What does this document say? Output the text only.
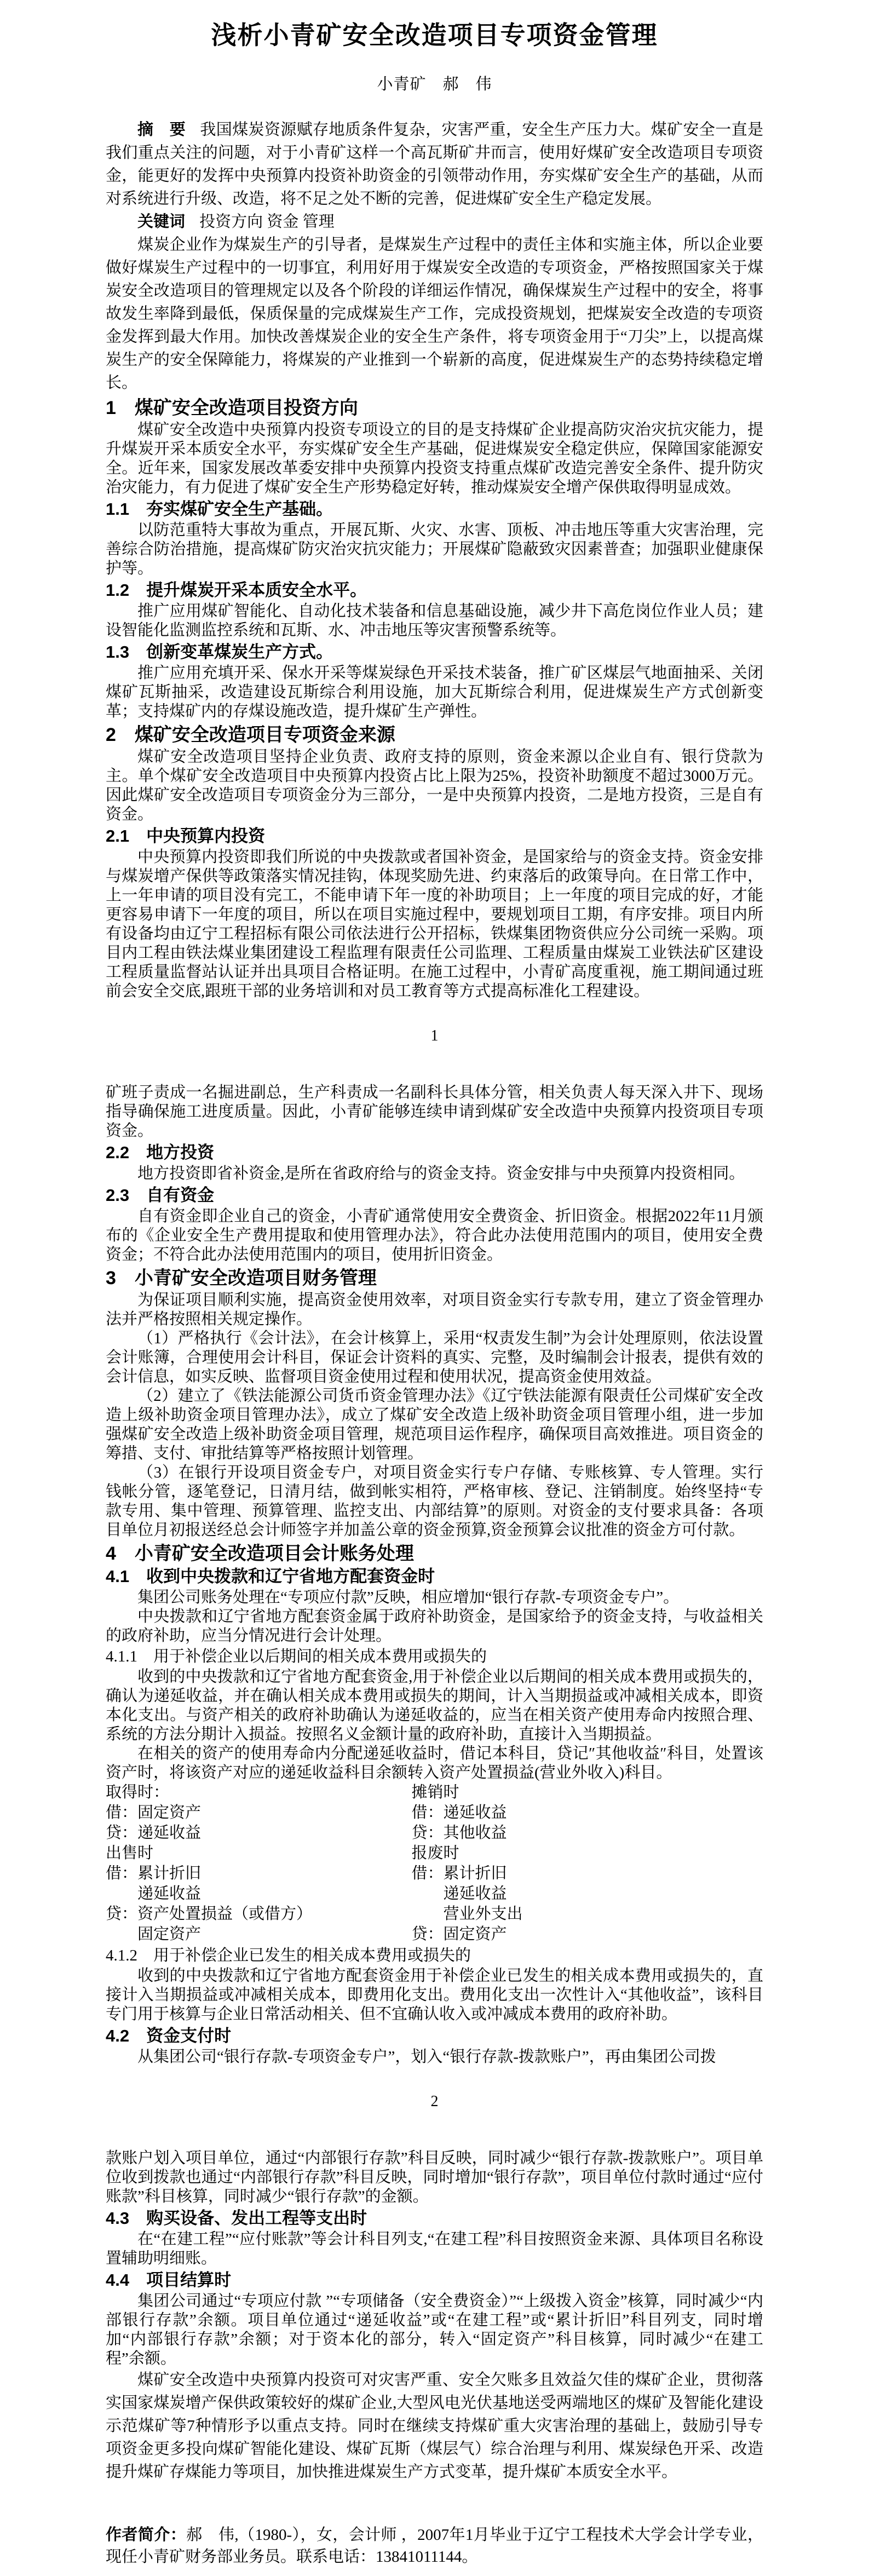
浅析小青矿安全改造项目专项资金管理
小青矿　郝　伟

摘　要 我国煤炭资源赋存地质条件复杂，灾害严重，安全生产压力大。煤矿安全一直是我们重点关注的问题，对于小青矿这样一个高瓦斯矿井而言，使用好煤矿安全改造项目专项资金，能更好的发挥中央预算内投资补助资金的引领带动作用，夯实煤矿安全生产的基础，从而对系统进行升级、改造，将不足之处不断的完善，促进煤矿安全生产稳定发展。

关键词 投资方向 资金 管理

煤炭企业作为煤炭生产的引导者，是煤炭生产过程中的责任主体和实施主体，所以企业要做好煤炭生产过程中的一切事宜，利用好用于煤炭安全改造的专项资金，严格按照国家关于煤炭安全改造项目的管理规定以及各个阶段的详细运作情况，确保煤炭生产过程中的安全，将事故发生率降到最低，保质保量的完成煤炭生产工作，完成投资规划，把煤炭安全改造的专项资金发挥到最大作用。加快改善煤炭企业的安全生产条件，将专项资金用于“刀尖”上，以提高煤炭生产的安全保障能力，将煤炭的产业推到一个崭新的高度，促进煤炭生产的态势持续稳定增长。

1　煤矿安全改造项目投资方向

煤矿安全改造中央预算内投资专项设立的目的是支持煤矿企业提高防灾治灾抗灾能力，提升煤炭开采本质安全水平，夯实煤矿安全生产基础，促进煤炭安全稳定供应，保障国家能源安全。近年来，国家发展改革委安排中央预算内投资支持重点煤矿改造完善安全条件、提升防灾治灾能力，有力促进了煤矿安全生产形势稳定好转，推动煤炭安全增产保供取得明显成效。

1.1　夯实煤矿安全生产基础。

以防范重特大事故为重点，开展瓦斯、火灾、水害、顶板、冲击地压等重大灾害治理，完善综合防治措施，提高煤矿防灾治灾抗灾能力；开展煤矿隐蔽致灾因素普查；加强职业健康保护等。

1.2　提升煤炭开采本质安全水平。

推广应用煤矿智能化、自动化技术装备和信息基础设施，减少井下高危岗位作业人员；建设智能化监测监控系统和瓦斯、水、冲击地压等灾害预警系统等。

1.3　创新变革煤炭生产方式。

推广应用充填开采、保水开采等煤炭绿色开采技术装备，推广矿区煤层气地面抽采、关闭煤矿瓦斯抽采，改造建设瓦斯综合利用设施，加大瓦斯综合利用，促进煤炭生产方式创新变革；支持煤矿内的存煤设施改造，提升煤矿生产弹性。

2　煤矿安全改造项目专项资金来源

煤矿安全改造项目坚持企业负责、政府支持的原则，资金来源以企业自有、银行贷款为主。单个煤矿安全改造项目中央预算内投资占比上限为25%，投资补助额度不超过3000万元。因此煤矿安全改造项目专项资金分为三部分，一是中央预算内投资，二是地方投资，三是自有资金。

2.1　中央预算内投资

中央预算内投资即我们所说的中央拨款或者国补资金，是国家给与的资金支持。资金安排与煤炭增产保供等政策落实情况挂钩，体现奖励先进、约束落后的政策导向。在日常工作中，上一年申请的项目没有完工，不能申请下年一度的补助项目；上一年度的项目完成的好，才能更容易申请下一年度的项目，所以在项目实施过程中，要规划项目工期，有序安排。项目内所有设备均由辽宁工程招标有限公司依法进行公开招标，铁煤集团物资供应分公司统一采购。项目内工程由铁法煤业集团建设工程监理有限责任公司监理、工程质量由煤炭工业铁法矿区建设工程质量监督站认证并出具项目合格证明。在施工过程中，小青矿高度重视，施工期间通过班前会安全交底,跟班干部的业务培训和对员工教育等方式提高标准化工程建设。

1

矿班子责成一名掘进副总，生产科责成一名副科长具体分管，相关负责人每天深入井下、现场指导确保施工进度质量。因此，小青矿能够连续申请到煤矿安全改造中央预算内投资项目专项资金。

2.2　地方投资

地方投资即省补资金,是所在省政府给与的资金支持。资金安排与中央预算内投资相同。

2.3　自有资金

自有资金即企业自己的资金，小青矿通常使用安全费资金、折旧资金。根据2022年11月颁布的《企业安全生产费用提取和使用管理办法》，符合此办法使用范围内的项目，使用安全费资金；不符合此办法使用范围内的项目，使用折旧资金。

3　小青矿安全改造项目财务管理

为保证项目顺利实施，提高资金使用效率，对项目资金实行专款专用，建立了资金管理办法并严格按照相关规定操作。

（1）严格执行《会计法》，在会计核算上，采用“权责发生制”为会计处理原则，依法设置会计账簿，合理使用会计科目，保证会计资料的真实、完整，及时编制会计报表，提供有效的会计信息，如实反映、监督项目资金使用过程和使用状况，提高资金使用效益。

（2）建立了《铁法能源公司货币资金管理办法》《辽宁铁法能源有限责任公司煤矿安全改造上级补助资金项目管理办法》，成立了煤矿安全改造上级补助资金项目管理小组，进一步加强煤矿安全改造上级补助资金项目管理，规范项目运作程序，确保项目高效推进。项目资金的筹措、支付、审批结算等严格按照计划管理。

（3）在银行开设项目资金专户，对项目资金实行专户存储、专账核算、专人管理。实行钱帐分管，逐笔登记，日清月结，做到帐实相符，严格审核、登记、注销制度。始终坚持“专款专用、集中管理、预算管理、监控支出、内部结算”的原则。对资金的支付要求具备：各项目单位月初报送经总会计师签字并加盖公章的资金预算,资金预算会议批准的资金方可付款。

4　小青矿安全改造项目会计账务处理
4.1　收到中央拨款和辽宁省地方配套资金时

集团公司账务处理在“专项应付款”反映，相应增加“银行存款-专项资金专户”。

中央拨款和辽宁省地方配套资金属于政府补助资金，是国家给予的资金支持，与收益相关的政府补助，应当分情况进行会计处理。

4.1.1　用于补偿企业以后期间的相关成本费用或损失的

收到的中央拨款和辽宁省地方配套资金,用于补偿企业以后期间的相关成本费用或损失的，确认为递延收益，并在确认相关成本费用或损失的期间，计入当期损益或冲减相关成本，即资本化支出。与资产相关的政府补助确认为递延收益的，应当在相关资产使用寿命内按照合理、系统的方法分期计入损益。按照名义金额计量的政府补助，直接计入当期损益。

在相关的资产的使用寿命内分配递延收益时，借记本科目，贷记″其他收益″科目，处置该资产时，将该资产对应的递延收益科目余额转入资产处置损益(营业外收入)科目。

取得时：
借：固定资产
贷：递延收益
出售时
借：累计折旧
递延收益
贷：资产处置损益（或借方）
固定资产
摊销时
借：递延收益
贷：其他收益
报废时
借：累计折旧
递延收益
营业外支出
贷：固定资产
4.1.2　用于补偿企业已发生的相关成本费用或损失的

收到的中央拨款和辽宁省地方配套资金用于补偿企业已发生的相关成本费用或损失的，直接计入当期损益或冲减相关成本，即费用化支出。费用化支出一次性计入“其他收益”，该科目专门用于核算与企业日常活动相关、但不宜确认收入或冲减成本费用的政府补助。

4.2　资金支付时

从集团公司“银行存款-专项资金专户”，划入“银行存款-拨款账户”，再由集团公司拨

2

款账户划入项目单位，通过“内部银行存款”科目反映，同时减少“银行存款-拨款账户”。项目单位收到拨款也通过“内部银行存款”科目反映，同时增加“银行存款”，项目单位付款时通过“应付账款”科目核算，同时减少“银行存款”的金额。

4.3　购买设备、发出工程等支出时

在“在建工程”“应付账款”等会计科目列支,“在建工程”科目按照资金来源、具体项目名称设置辅助明细账。

4.4　项目结算时

集团公司通过“专项应付款 ”“专项储备（安全费资金）”“上级拨入资金”核算，同时减少“内部银行存款”余额。项目单位通过“递延收益”或“在建工程”或“累计折旧”科目列支，同时增加“内部银行存款”余额；对于资本化的部分，转入“固定资产”科目核算，同时减少“在建工程”余额。

煤矿安全改造中央预算内投资可对灾害严重、安全欠账多且效益欠佳的煤矿企业，贯彻落实国家煤炭增产保供政策较好的煤矿企业,大型风电光伏基地送受两端地区的煤矿及智能化建设示范煤矿等7种情形予以重点支持。同时在继续支持煤矿重大灾害治理的基础上，鼓励引导专项资金更多投向煤矿智能化建设、煤矿瓦斯（煤层气）综合治理与利用、煤炭绿色开采、改造提升煤矿存煤能力等项目，加快推进煤炭生产方式变革，提升煤矿本质安全水平。

作者简介：郝　伟,（1980-），女，会计师 ，2007年1月毕业于辽宁工程技术大学会计学专业，现任小青矿财务部业务员。联系电话：13841011144。
